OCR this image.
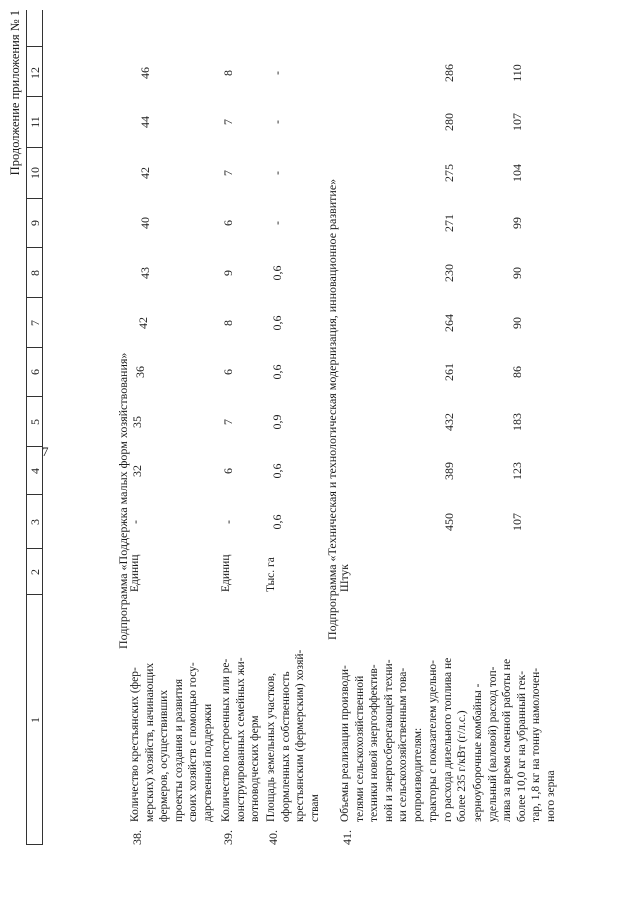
7
Продолжение приложения № 1
1
2
3
4
5
6
7
8
9
10
11
12
Подпрограмма «Поддержка малых форм хозяйствования»
38.
Количество крестьянских (фер- мерских) хозяйств, начинающих фермеров, осуществивших проекты создания и развития своих хозяйств с помощью госу- дарственной поддержки
Единиц
-
32
35
36
42
43
40
42
44
46
39.
Количество построенных или ре- конструированных семейных жи- вотноводческих ферм
Единиц
-
6
7
6
8
9
6
7
7
8
40.
Площадь земельных участков, оформленных в собственность крестьянским (фермерским) хозяй- ствам
Тыс. га
0,6
0,6
0,9
0,6
0,6
0,6
-
-
-
-
Подпрограмма «Техническая и технологическая модернизация, инновационное развитие»
41.
Объемы реализации производи- телями сельскохозяйственной техники новой энергоэффектив- ной и энергосберегающей техни- ки сельскохозяйственным това- ропроизводителям:
Штук
тракторы с показателем удельно- го расхода дизельного топлива не более 235 г/кВт (г/л.с.)
450
389
432
261
264
230
271
275
280
286
зерноуборочные комбайны - удельный (валовой) расход топ- лива за время сменной работы не более 10,0 кг на убранный гек- тар, 1,8 кг на тонну намолочен- ного зерна
107
123
183
86
90
90
99
104
107
110
